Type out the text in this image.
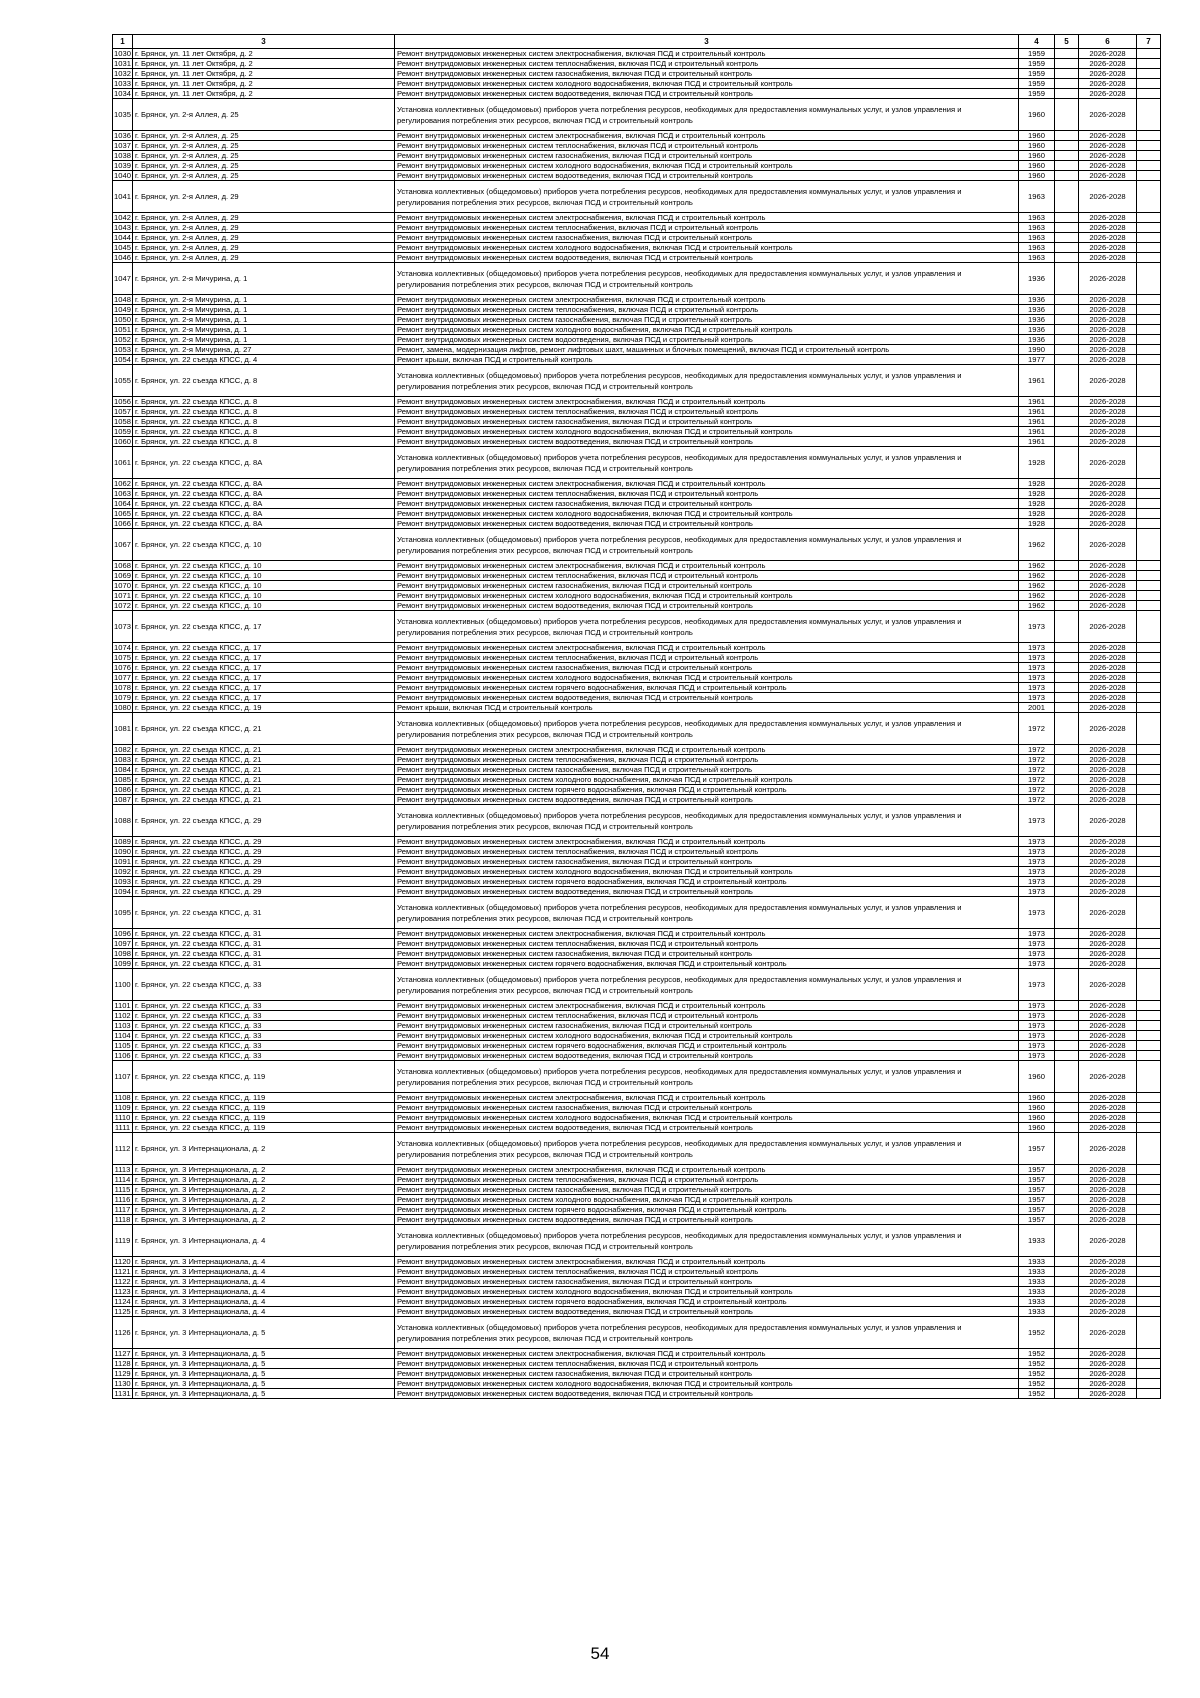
1	3	3	4	5	6	7
1030	г. Брянск, ул. 11 лет Октября, д. 2	Ремонт внутридомовых инженерных систем электроснабжения, включая ПСД и строительный контроль	1959		2026-2028	
1031	г. Брянск, ул. 11 лет Октября, д. 2	Ремонт внутридомовых инженерных систем теплоснабжения, включая ПСД и строительный контроль	1959		2026-2028	
1032	г. Брянск, ул. 11 лет Октября, д. 2	Ремонт внутридомовых инженерных систем газоснабжения, включая ПСД и строительный контроль	1959		2026-2028	
1033	г. Брянск, ул. 11 лет Октября, д. 2	Ремонт внутридомовых инженерных систем холодного водоснабжения, включая ПСД и строительный контроль	1959		2026-2028	
1034	г. Брянск, ул. 11 лет Октября, д. 2	Ремонт внутридомовых инженерных систем водоотведения, включая ПСД и строительный контроль	1959		2026-2028	
1035	г. Брянск, ул. 2-я Аллея, д. 25	Установка коллективных (общедомовых) приборов учета потребления ресурсов, необходимых для предоставления коммунальных услуг, и узлов управления и регулирования потребления этих ресурсов, включая ПСД и строительный контроль	1960		2026-2028	
1036	г. Брянск, ул. 2-я Аллея, д. 25	Ремонт внутридомовых инженерных систем электроснабжения, включая ПСД и строительный контроль	1960		2026-2028	
1037	г. Брянск, ул. 2-я Аллея, д. 25	Ремонт внутридомовых инженерных систем теплоснабжения, включая ПСД и строительный контроль	1960		2026-2028	
1038	г. Брянск, ул. 2-я Аллея, д. 25	Ремонт внутридомовых инженерных систем газоснабжения, включая ПСД и строительный контроль	1960		2026-2028	
1039	г. Брянск, ул. 2-я Аллея, д. 25	Ремонт внутридомовых инженерных систем холодного водоснабжения, включая ПСД и строительный контроль	1960		2026-2028	
1040	г. Брянск, ул. 2-я Аллея, д. 25	Ремонт внутридомовых инженерных систем водоотведения, включая ПСД и строительный контроль	1960		2026-2028	
1041	г. Брянск, ул. 2-я Аллея, д. 29	Установка коллективных (общедомовых) приборов учета потребления ресурсов, необходимых для предоставления коммунальных услуг, и узлов управления и регулирования потребления этих ресурсов, включая ПСД и строительный контроль	1963		2026-2028	
1042	г. Брянск, ул. 2-я Аллея, д. 29	Ремонт внутридомовых инженерных систем электроснабжения, включая ПСД и строительный контроль	1963		2026-2028	
1043	г. Брянск, ул. 2-я Аллея, д. 29	Ремонт внутридомовых инженерных систем теплоснабжения, включая ПСД и строительный контроль	1963		2026-2028	
1044	г. Брянск, ул. 2-я Аллея, д. 29	Ремонт внутридомовых инженерных систем газоснабжения, включая ПСД и строительный контроль	1963		2026-2028	
1045	г. Брянск, ул. 2-я Аллея, д. 29	Ремонт внутридомовых инженерных систем холодного водоснабжения, включая ПСД и строительный контроль	1963		2026-2028	
1046	г. Брянск, ул. 2-я Аллея, д. 29	Ремонт внутридомовых инженерных систем водоотведения, включая ПСД и строительный контроль	1963		2026-2028	
1047	г. Брянск, ул. 2-я Мичурина, д. 1	Установка коллективных (общедомовых) приборов учета потребления ресурсов, необходимых для предоставления коммунальных услуг, и узлов управления и регулирования потребления этих ресурсов, включая ПСД и строительный контроль	1936		2026-2028	
1048	г. Брянск, ул. 2-я Мичурина, д. 1	Ремонт внутридомовых инженерных систем электроснабжения, включая ПСД и строительный контроль	1936		2026-2028	
1049	г. Брянск, ул. 2-я Мичурина, д. 1	Ремонт внутридомовых инженерных систем теплоснабжения, включая ПСД и строительный контроль	1936		2026-2028	
1050	г. Брянск, ул. 2-я Мичурина, д. 1	Ремонт внутридомовых инженерных систем газоснабжения, включая ПСД и строительный контроль	1936		2026-2028	
1051	г. Брянск, ул. 2-я Мичурина, д. 1	Ремонт внутридомовых инженерных систем холодного водоснабжения, включая ПСД и строительный контроль	1936		2026-2028	
1052	г. Брянск, ул. 2-я Мичурина, д. 1	Ремонт внутридомовых инженерных систем водоотведения, включая ПСД и строительный контроль	1936		2026-2028	
1053	г. Брянск, ул. 2-я Мичурина, д. 27	Ремонт, замена, модернизация лифтов, ремонт лифтовых шахт, машинных и блочных помещений, включая ПСД и строительный контроль	1990		2026-2028	
1054	г. Брянск, ул. 22 съезда КПСС, д. 4	Ремонт крыши, включая ПСД и строительный контроль	1977		2026-2028	
1055	г. Брянск, ул. 22 съезда КПСС, д. 8	Установка коллективных (общедомовых) приборов учета потребления ресурсов, необходимых для предоставления коммунальных услуг, и узлов управления и регулирования потребления этих ресурсов, включая ПСД и строительный контроль	1961		2026-2028	
1056	г. Брянск, ул. 22 съезда КПСС, д. 8	Ремонт внутридомовых инженерных систем электроснабжения, включая ПСД и строительный контроль	1961		2026-2028	
1057	г. Брянск, ул. 22 съезда КПСС, д. 8	Ремонт внутридомовых инженерных систем теплоснабжения, включая ПСД и строительный контроль	1961		2026-2028	
1058	г. Брянск, ул. 22 съезда КПСС, д. 8	Ремонт внутридомовых инженерных систем газоснабжения, включая ПСД и строительный контроль	1961		2026-2028	
1059	г. Брянск, ул. 22 съезда КПСС, д. 8	Ремонт внутридомовых инженерных систем холодного водоснабжения, включая ПСД и строительный контроль	1961		2026-2028	
1060	г. Брянск, ул. 22 съезда КПСС, д. 8	Ремонт внутридомовых инженерных систем водоотведения, включая ПСД и строительный контроль	1961		2026-2028	
1061	г. Брянск, ул. 22 съезда КПСС, д. 8А	Установка коллективных (общедомовых) приборов учета потребления ресурсов, необходимых для предоставления коммунальных услуг, и узлов управления и регулирования потребления этих ресурсов, включая ПСД и строительный контроль	1928		2026-2028	
1062	г. Брянск, ул. 22 съезда КПСС, д. 8А	Ремонт внутридомовых инженерных систем электроснабжения, включая ПСД и строительный контроль	1928		2026-2028	
1063	г. Брянск, ул. 22 съезда КПСС, д. 8А	Ремонт внутридомовых инженерных систем теплоснабжения, включая ПСД и строительный контроль	1928		2026-2028	
1064	г. Брянск, ул. 22 съезда КПСС, д. 8А	Ремонт внутридомовых инженерных систем газоснабжения, включая ПСД и строительный контроль	1928		2026-2028	
1065	г. Брянск, ул. 22 съезда КПСС, д. 8А	Ремонт внутридомовых инженерных систем холодного водоснабжения, включая ПСД и строительный контроль	1928		2026-2028	
1066	г. Брянск, ул. 22 съезда КПСС, д. 8А	Ремонт внутридомовых инженерных систем водоотведения, включая ПСД и строительный контроль	1928		2026-2028	
1067	г. Брянск, ул. 22 съезда КПСС, д. 10	Установка коллективных (общедомовых) приборов учета потребления ресурсов, необходимых для предоставления коммунальных услуг, и узлов управления и регулирования потребления этих ресурсов, включая ПСД и строительный контроль	1962		2026-2028	
1068	г. Брянск, ул. 22 съезда КПСС, д. 10	Ремонт внутридомовых инженерных систем электроснабжения, включая ПСД и строительный контроль	1962		2026-2028	
1069	г. Брянск, ул. 22 съезда КПСС, д. 10	Ремонт внутридомовых инженерных систем теплоснабжения, включая ПСД и строительный контроль	1962		2026-2028	
1070	г. Брянск, ул. 22 съезда КПСС, д. 10	Ремонт внутридомовых инженерных систем газоснабжения, включая ПСД и строительный контроль	1962		2026-2028	
1071	г. Брянск, ул. 22 съезда КПСС, д. 10	Ремонт внутридомовых инженерных систем холодного водоснабжения, включая ПСД и строительный контроль	1962		2026-2028	
1072	г. Брянск, ул. 22 съезда КПСС, д. 10	Ремонт внутридомовых инженерных систем водоотведения, включая ПСД и строительный контроль	1962		2026-2028	
1073	г. Брянск, ул. 22 съезда КПСС, д. 17	Установка коллективных (общедомовых) приборов учета потребления ресурсов, необходимых для предоставления коммунальных услуг, и узлов управления и регулирования потребления этих ресурсов, включая ПСД и строительный контроль	1973		2026-2028	
1074	г. Брянск, ул. 22 съезда КПСС, д. 17	Ремонт внутридомовых инженерных систем электроснабжения, включая ПСД и строительный контроль	1973		2026-2028	
1075	г. Брянск, ул. 22 съезда КПСС, д. 17	Ремонт внутридомовых инженерных систем теплоснабжения, включая ПСД и строительный контроль	1973		2026-2028	
1076	г. Брянск, ул. 22 съезда КПСС, д. 17	Ремонт внутридомовых инженерных систем газоснабжения, включая ПСД и строительный контроль	1973		2026-2028	
1077	г. Брянск, ул. 22 съезда КПСС, д. 17	Ремонт внутридомовых инженерных систем холодного водоснабжения, включая ПСД и строительный контроль	1973		2026-2028	
1078	г. Брянск, ул. 22 съезда КПСС, д. 17	Ремонт внутридомовых инженерных систем горячего водоснабжения, включая ПСД и строительный контроль	1973		2026-2028	
1079	г. Брянск, ул. 22 съезда КПСС, д. 17	Ремонт внутридомовых инженерных систем водоотведения, включая ПСД и строительный контроль	1973		2026-2028	
1080	г. Брянск, ул. 22 съезда КПСС, д. 19	Ремонт крыши, включая ПСД и строительный контроль	2001		2026-2028	
1081	г. Брянск, ул. 22 съезда КПСС, д. 21	Установка коллективных (общедомовых) приборов учета потребления ресурсов, необходимых для предоставления коммунальных услуг, и узлов управления и регулирования потребления этих ресурсов, включая ПСД и строительный контроль	1972		2026-2028	
1082	г. Брянск, ул. 22 съезда КПСС, д. 21	Ремонт внутридомовых инженерных систем электроснабжения, включая ПСД и строительный контроль	1972		2026-2028	
1083	г. Брянск, ул. 22 съезда КПСС, д. 21	Ремонт внутридомовых инженерных систем теплоснабжения, включая ПСД и строительный контроль	1972		2026-2028	
1084	г. Брянск, ул. 22 съезда КПСС, д. 21	Ремонт внутридомовых инженерных систем газоснабжения, включая ПСД и строительный контроль	1972		2026-2028	
1085	г. Брянск, ул. 22 съезда КПСС, д. 21	Ремонт внутридомовых инженерных систем холодного водоснабжения, включая ПСД и строительный контроль	1972		2026-2028	
1086	г. Брянск, ул. 22 съезда КПСС, д. 21	Ремонт внутридомовых инженерных систем горячего водоснабжения, включая ПСД и строительный контроль	1972		2026-2028	
1087	г. Брянск, ул. 22 съезда КПСС, д. 21	Ремонт внутридомовых инженерных систем водоотведения, включая ПСД и строительный контроль	1972		2026-2028	
1088	г. Брянск, ул. 22 съезда КПСС, д. 29	Установка коллективных (общедомовых) приборов учета потребления ресурсов, необходимых для предоставления коммунальных услуг, и узлов управления и регулирования потребления этих ресурсов, включая ПСД и строительный контроль	1973		2026-2028	
1089	г. Брянск, ул. 22 съезда КПСС, д. 29	Ремонт внутридомовых инженерных систем электроснабжения, включая ПСД и строительный контроль	1973		2026-2028	
1090	г. Брянск, ул. 22 съезда КПСС, д. 29	Ремонт внутридомовых инженерных систем теплоснабжения, включая ПСД и строительный контроль	1973		2026-2028	
1091	г. Брянск, ул. 22 съезда КПСС, д. 29	Ремонт внутридомовых инженерных систем газоснабжения, включая ПСД и строительный контроль	1973		2026-2028	
1092	г. Брянск, ул. 22 съезда КПСС, д. 29	Ремонт внутридомовых инженерных систем холодного водоснабжения, включая ПСД и строительный контроль	1973		2026-2028	
1093	г. Брянск, ул. 22 съезда КПСС, д. 29	Ремонт внутридомовых инженерных систем горячего водоснабжения, включая ПСД и строительный контроль	1973		2026-2028	
1094	г. Брянск, ул. 22 съезда КПСС, д. 29	Ремонт внутридомовых инженерных систем водоотведения, включая ПСД и строительный контроль	1973		2026-2028	
1095	г. Брянск, ул. 22 съезда КПСС, д. 31	Установка коллективных (общедомовых) приборов учета потребления ресурсов, необходимых для предоставления коммунальных услуг, и узлов управления и регулирования потребления этих ресурсов, включая ПСД и строительный контроль	1973		2026-2028	
1096	г. Брянск, ул. 22 съезда КПСС, д. 31	Ремонт внутридомовых инженерных систем электроснабжения, включая ПСД и строительный контроль	1973		2026-2028	
1097	г. Брянск, ул. 22 съезда КПСС, д. 31	Ремонт внутридомовых инженерных систем теплоснабжения, включая ПСД и строительный контроль	1973		2026-2028	
1098	г. Брянск, ул. 22 съезда КПСС, д. 31	Ремонт внутридомовых инженерных систем газоснабжения, включая ПСД и строительный контроль	1973		2026-2028	
1099	г. Брянск, ул. 22 съезда КПСС, д. 31	Ремонт внутридомовых инженерных систем горячего водоснабжения, включая ПСД и строительный контроль	1973		2026-2028	
1100	г. Брянск, ул. 22 съезда КПСС, д. 33	Установка коллективных (общедомовых) приборов учета потребления ресурсов, необходимых для предоставления коммунальных услуг, и узлов управления и регулирования потребления этих ресурсов, включая ПСД и строительный контроль	1973		2026-2028	
1101	г. Брянск, ул. 22 съезда КПСС, д. 33	Ремонт внутридомовых инженерных систем электроснабжения, включая ПСД и строительный контроль	1973		2026-2028	
1102	г. Брянск, ул. 22 съезда КПСС, д. 33	Ремонт внутридомовых инженерных систем теплоснабжения, включая ПСД и строительный контроль	1973		2026-2028	
1103	г. Брянск, ул. 22 съезда КПСС, д. 33	Ремонт внутридомовых инженерных систем газоснабжения, включая ПСД и строительный контроль	1973		2026-2028	
1104	г. Брянск, ул. 22 съезда КПСС, д. 33	Ремонт внутридомовых инженерных систем холодного водоснабжения, включая ПСД и строительный контроль	1973		2026-2028	
1105	г. Брянск, ул. 22 съезда КПСС, д. 33	Ремонт внутридомовых инженерных систем горячего водоснабжения, включая ПСД и строительный контроль	1973		2026-2028	
1106	г. Брянск, ул. 22 съезда КПСС, д. 33	Ремонт внутридомовых инженерных систем водоотведения, включая ПСД и строительный контроль	1973		2026-2028	
1107	г. Брянск, ул. 22 съезда КПСС, д. 119	Установка коллективных (общедомовых) приборов учета потребления ресурсов, необходимых для предоставления коммунальных услуг, и узлов управления и регулирования потребления этих ресурсов, включая ПСД и строительный контроль	1960		2026-2028	
1108	г. Брянск, ул. 22 съезда КПСС, д. 119	Ремонт внутридомовых инженерных систем электроснабжения, включая ПСД и строительный контроль	1960		2026-2028	
1109	г. Брянск, ул. 22 съезда КПСС, д. 119	Ремонт внутридомовых инженерных систем газоснабжения, включая ПСД и строительный контроль	1960		2026-2028	
1110	г. Брянск, ул. 22 съезда КПСС, д. 119	Ремонт внутридомовых инженерных систем холодного водоснабжения, включая ПСД и строительный контроль	1960		2026-2028	
1111	г. Брянск, ул. 22 съезда КПСС, д. 119	Ремонт внутридомовых инженерных систем водоотведения, включая ПСД и строительный контроль	1960		2026-2028	
1112	г. Брянск, ул. 3 Интернационала, д. 2	Установка коллективных (общедомовых) приборов учета потребления ресурсов, необходимых для предоставления коммунальных услуг, и узлов управления и регулирования потребления этих ресурсов, включая ПСД и строительный контроль	1957		2026-2028	
1113	г. Брянск, ул. 3 Интернационала, д. 2	Ремонт внутридомовых инженерных систем электроснабжения, включая ПСД и строительный контроль	1957		2026-2028	
1114	г. Брянск, ул. 3 Интернационала, д. 2	Ремонт внутридомовых инженерных систем теплоснабжения, включая ПСД и строительный контроль	1957		2026-2028	
1115	г. Брянск, ул. 3 Интернационала, д. 2	Ремонт внутридомовых инженерных систем газоснабжения, включая ПСД и строительный контроль	1957		2026-2028	
1116	г. Брянск, ул. 3 Интернационала, д. 2	Ремонт внутридомовых инженерных систем холодного водоснабжения, включая ПСД и строительный контроль	1957		2026-2028	
1117	г. Брянск, ул. 3 Интернационала, д. 2	Ремонт внутридомовых инженерных систем горячего водоснабжения, включая ПСД и строительный контроль	1957		2026-2028	
1118	г. Брянск, ул. 3 Интернационала, д. 2	Ремонт внутридомовых инженерных систем водоотведения, включая ПСД и строительный контроль	1957		2026-2028	
1119	г. Брянск, ул. 3 Интернационала, д. 4	Установка коллективных (общедомовых) приборов учета потребления ресурсов, необходимых для предоставления коммунальных услуг, и узлов управления и регулирования потребления этих ресурсов, включая ПСД и строительный контроль	1933		2026-2028	
1120	г. Брянск, ул. 3 Интернационала, д. 4	Ремонт внутридомовых инженерных систем электроснабжения, включая ПСД и строительный контроль	1933		2026-2028	
1121	г. Брянск, ул. 3 Интернационала, д. 4	Ремонт внутридомовых инженерных систем теплоснабжения, включая ПСД и строительный контроль	1933		2026-2028	
1122	г. Брянск, ул. 3 Интернационала, д. 4	Ремонт внутридомовых инженерных систем газоснабжения, включая ПСД и строительный контроль	1933		2026-2028	
1123	г. Брянск, ул. 3 Интернационала, д. 4	Ремонт внутридомовых инженерных систем холодного водоснабжения, включая ПСД и строительный контроль	1933		2026-2028	
1124	г. Брянск, ул. 3 Интернационала, д. 4	Ремонт внутридомовых инженерных систем горячего водоснабжения, включая ПСД и строительный контроль	1933		2026-2028	
1125	г. Брянск, ул. 3 Интернационала, д. 4	Ремонт внутридомовых инженерных систем водоотведения, включая ПСД и строительный контроль	1933		2026-2028	
1126	г. Брянск, ул. 3 Интернационала, д. 5	Установка коллективных (общедомовых) приборов учета потребления ресурсов, необходимых для предоставления коммунальных услуг, и узлов управления и регулирования потребления этих ресурсов, включая ПСД и строительный контроль	1952		2026-2028	
1127	г. Брянск, ул. 3 Интернационала, д. 5	Ремонт внутридомовых инженерных систем электроснабжения, включая ПСД и строительный контроль	1952		2026-2028	
1128	г. Брянск, ул. 3 Интернационала, д. 5	Ремонт внутридомовых инженерных систем теплоснабжения, включая ПСД и строительный контроль	1952		2026-2028	
1129	г. Брянск, ул. 3 Интернационала, д. 5	Ремонт внутридомовых инженерных систем газоснабжения, включая ПСД и строительный контроль	1952		2026-2028	
1130	г. Брянск, ул. 3 Интернационала, д. 5	Ремонт внутридомовых инженерных систем холодного водоснабжения, включая ПСД и строительный контроль	1952		2026-2028	
1131	г. Брянск, ул. 3 Интернационала, д. 5	Ремонт внутридомовых инженерных систем водоотведения, включая ПСД и строительный контроль	1952		2026-2028	
54
